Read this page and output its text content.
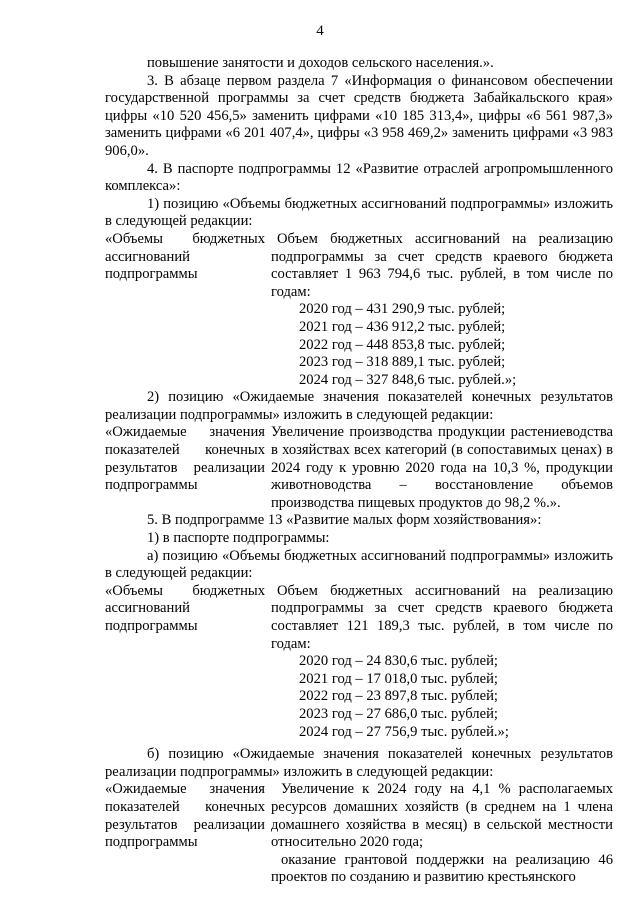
4

повышение занятости и доходов сельского населения.».

3. В абзаце первом раздела 7 «Информация о финансовом обеспечении государственной программы за счет средств бюджета Забайкальского края» цифры «10 520 456,5» заменить цифрами «10 185 313,4», цифры «6 561 987,3» заменить цифрами «6 201 407,4», цифры «3 958 469,2» заменить цифрами «3 983 906,0».

4. В паспорте подпрограммы 12 «Развитие отраслей агропромышленного комплекса»:

1) позицию «Объемы бюджетных ассигнований подпрограммы» изложить в следующей редакции:

«Объемы бюджетных ассигнований подпрограммы

Объем бюджетных ассигнований на реализацию подпрограммы за счет средств краевого бюджета составляет 1 963 794,6 тыс. рублей, в том числе по годам:

2020 год – 431 290,9 тыс. рублей;
2021 год – 436 912,2 тыс. рублей;
2022 год – 448 853,8 тыс. рублей;
2023 год – 318 889,1 тыс. рублей;
2024 год – 327 848,6 тыс. рублей.»;

2) позицию «Ожидаемые значения показателей конечных результатов реализации подпрограммы» изложить в следующей редакции:

«Ожидаемые значения показателей конечных результатов реализации подпрограммы
Увеличение производства продукции растениеводства в хозяйствах всех категорий (в сопоставимых ценах) в 2024 году к уровню 2020 года на 10,3 %, продукции животноводства – восстановление объемов производства пищевых продуктов до 98,2 %.».

5. В подпрограмме 13 «Развитие малых форм хозяйствования»:

1) в паспорте подпрограммы:

а) позицию «Объемы бюджетных ассигнований подпрограммы» изложить в следующей редакции:

«Объемы бюджетных ассигнований подпрограммы

Объем бюджетных ассигнований на реализацию подпрограммы за счет средств краевого бюджета составляет 121 189,3 тыс. рублей, в том числе по годам:

2020 год – 24 830,6 тыс. рублей;
2021 год – 17 018,0 тыс. рублей;
2022 год – 23 897,8 тыс. рублей;
2023 год – 27 686,0 тыс. рублей;
2024 год – 27 756,9 тыс. рублей.»;

б) позицию «Ожидаемые значения показателей конечных результатов реализации подпрограммы» изложить в следующей редакции:

«Ожидаемые значения показателей конечных результатов реализации подпрограммы

Увеличение к 2024 году на 4,1 % располагаемых ресурсов домашних хозяйств (в среднем на 1 члена домашнего хозяйства в месяц) в сельской местности относительно 2020 года;

оказание грантовой поддержки на реализацию 46 проектов по созданию и развитию крестьянского
